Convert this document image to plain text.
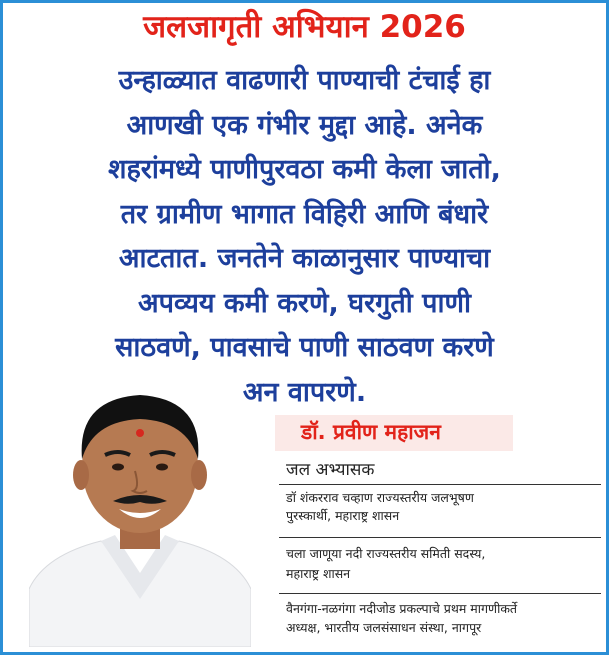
जलजागृती अभियान 2026
उन्हाळ्यात वाढणारी पाण्याची टंचाई हा
आणखी एक गंभीर मुद्दा आहे. अनेक
शहरांमध्ये पाणीपुरवठा कमी केला जातो,
तर ग्रामीण भागात विहिरी आणि बंधारे
आटतात. जनतेने काळानुसार पाण्याचा
अपव्यय कमी करणे, घरगुती पाणी
साठवणे, पावसाचे पाणी साठवण करणे
अन वापरणे.
डॉ. प्रवीण महाजन
जल अभ्यासक
डॉ शंकरराव चव्हाण राज्यस्तरीय जलभूषण
पुरस्कार्थी, महाराष्ट्र शासन
चला जाणूया नदी राज्यस्तरीय समिती सदस्य,
महाराष्ट्र शासन
वैनगंगा-नळगंगा नदीजोड प्रकल्पाचे प्रथम मागणीकर्ते
अध्यक्ष, भारतीय जलसंसाधन संस्था, नागपूर
